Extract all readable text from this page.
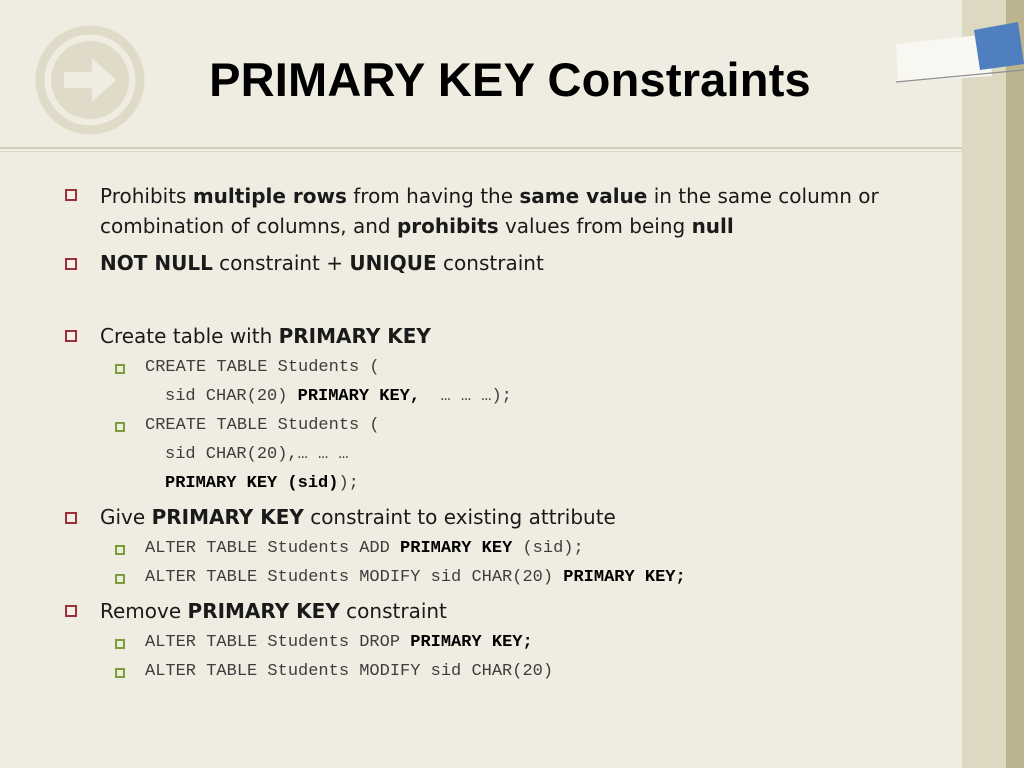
PRIMARY KEY Constraints
Prohibits multiple rows from having the same value in the same column or combination of columns, and prohibits values from being null
NOT NULL constraint + UNIQUE constraint
Create table with PRIMARY KEY
CREATE TABLE Students (
sid CHAR(20) PRIMARY KEY,  … … …);
CREATE TABLE Students (
sid CHAR(20),… … …
PRIMARY KEY (sid));
Give PRIMARY KEY constraint to existing attribute
ALTER TABLE Students ADD PRIMARY KEY (sid);
ALTER TABLE Students MODIFY sid CHAR(20) PRIMARY KEY;
Remove PRIMARY KEY constraint
ALTER TABLE Students DROP PRIMARY KEY;
ALTER TABLE Students MODIFY sid CHAR(20)
